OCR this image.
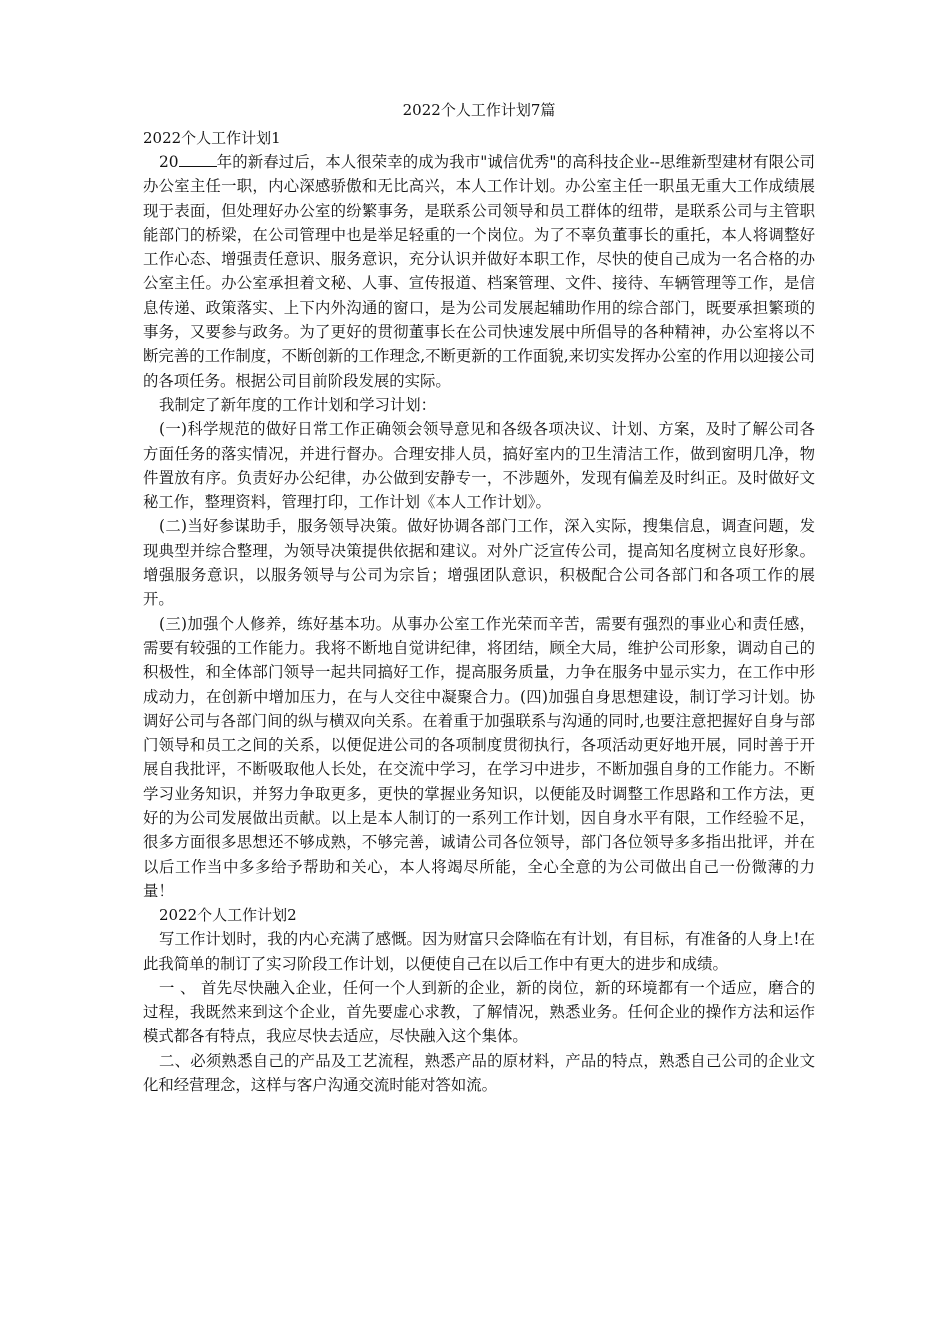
2022个人工作计划7篇
2022个人工作计划1

20 年的新春过后，本人很荣幸的成为我市"诚信优秀"的高科技企业--思维新型建材有限公司办公室主任一职，内心深感骄傲和无比高兴，本人工作计划。办公室主任一职虽无重大工作成绩展现于表面，但处理好办公室的纷繁事务，是联系公司领导和员工群体的纽带，是联系公司与主管职能部门的桥梁，在公司管理中也是举足轻重的一个岗位。为了不辜负董事长的重托，本人将调整好工作心态、增强责任意识、服务意识，充分认识并做好本职工作，尽快的使自己成为一名合格的办公室主任。办公室承担着文秘、人事、宣传报道、档案管理、文件、接待、车辆管理等工作，是信息传递、政策落实、上下内外沟通的窗口，是为公司发展起辅助作用的综合部门，既要承担繁琐的事务，又要参与政务。为了更好的贯彻董事长在公司快速发展中所倡导的各种精神，办公室将以不断完善的工作制度，不断创新的工作理念,不断更新的工作面貌,来切实发挥办公室的作用以迎接公司的各项任务。根据公司目前阶段发展的实际。

我制定了新年度的工作计划和学习计划：

(一)科学规范的做好日常工作正确领会领导意见和各级各项决议、计划、方案，及时了解公司各方面任务的落实情况，并进行督办。合理安排人员，搞好室内的卫生清洁工作，做到窗明几净，物件置放有序。负责好办公纪律，办公做到安静专一，不涉题外，发现有偏差及时纠正。及时做好文秘工作，整理资料，管理打印，工作计划《本人工作计划》。

(二)当好参谋助手，服务领导决策。做好协调各部门工作，深入实际，搜集信息，调查问题，发现典型并综合整理，为领导决策提供依据和建议。对外广泛宣传公司，提高知名度树立良好形象。增强服务意识，以服务领导与公司为宗旨；增强团队意识，积极配合公司各部门和各项工作的展开。

(三)加强个人修养，练好基本功。从事办公室工作光荣而辛苦，需要有强烈的事业心和责任感，需要有较强的工作能力。我将不断地自觉讲纪律，将团结，顾全大局，维护公司形象，调动自己的积极性，和全体部门领导一起共同搞好工作，提高服务质量，力争在服务中显示实力，在工作中形成动力，在创新中增加压力，在与人交往中凝聚合力。(四)加强自身思想建设，制订学习计划。协调好公司与各部门间的纵与横双向关系。在着重于加强联系与沟通的同时,也要注意把握好自身与部门领导和员工之间的关系，以便促进公司的各项制度贯彻执行，各项活动更好地开展，同时善于开展自我批评，不断吸取他人长处，在交流中学习，在学习中进步，不断加强自身的工作能力。不断学习业务知识，并努力争取更多，更快的掌握业务知识，以便能及时调整工作思路和工作方法，更好的为公司发展做出贡献。以上是本人制订的一系列工作计划，因自身水平有限，工作经验不足，很多方面很多思想还不够成熟，不够完善，诚请公司各位领导，部门各位领导多多指出批评，并在以后工作当中多多给予帮助和关心，本人将竭尽所能，全心全意的为公司做出自己一份微薄的力量！

2022个人工作计划2

写工作计划时，我的内心充满了感慨。因为财富只会降临在有计划，有目标，有准备的人身上!在此我简单的制订了实习阶段工作计划，以便使自己在以后工作中有更大的进步和成绩。

一 、 首先尽快融入企业，任何一个人到新的企业，新的岗位，新的环境都有一个适应，磨合的过程，我既然来到这个企业，首先要虚心求教，了解情况，熟悉业务。任何企业的操作方法和运作模式都各有特点，我应尽快去适应，尽快融入这个集体。

二、必须熟悉自己的产品及工艺流程，熟悉产品的原材料，产品的特点，熟悉自己公司的企业文化和经营理念，这样与客户沟通交流时能对答如流。
